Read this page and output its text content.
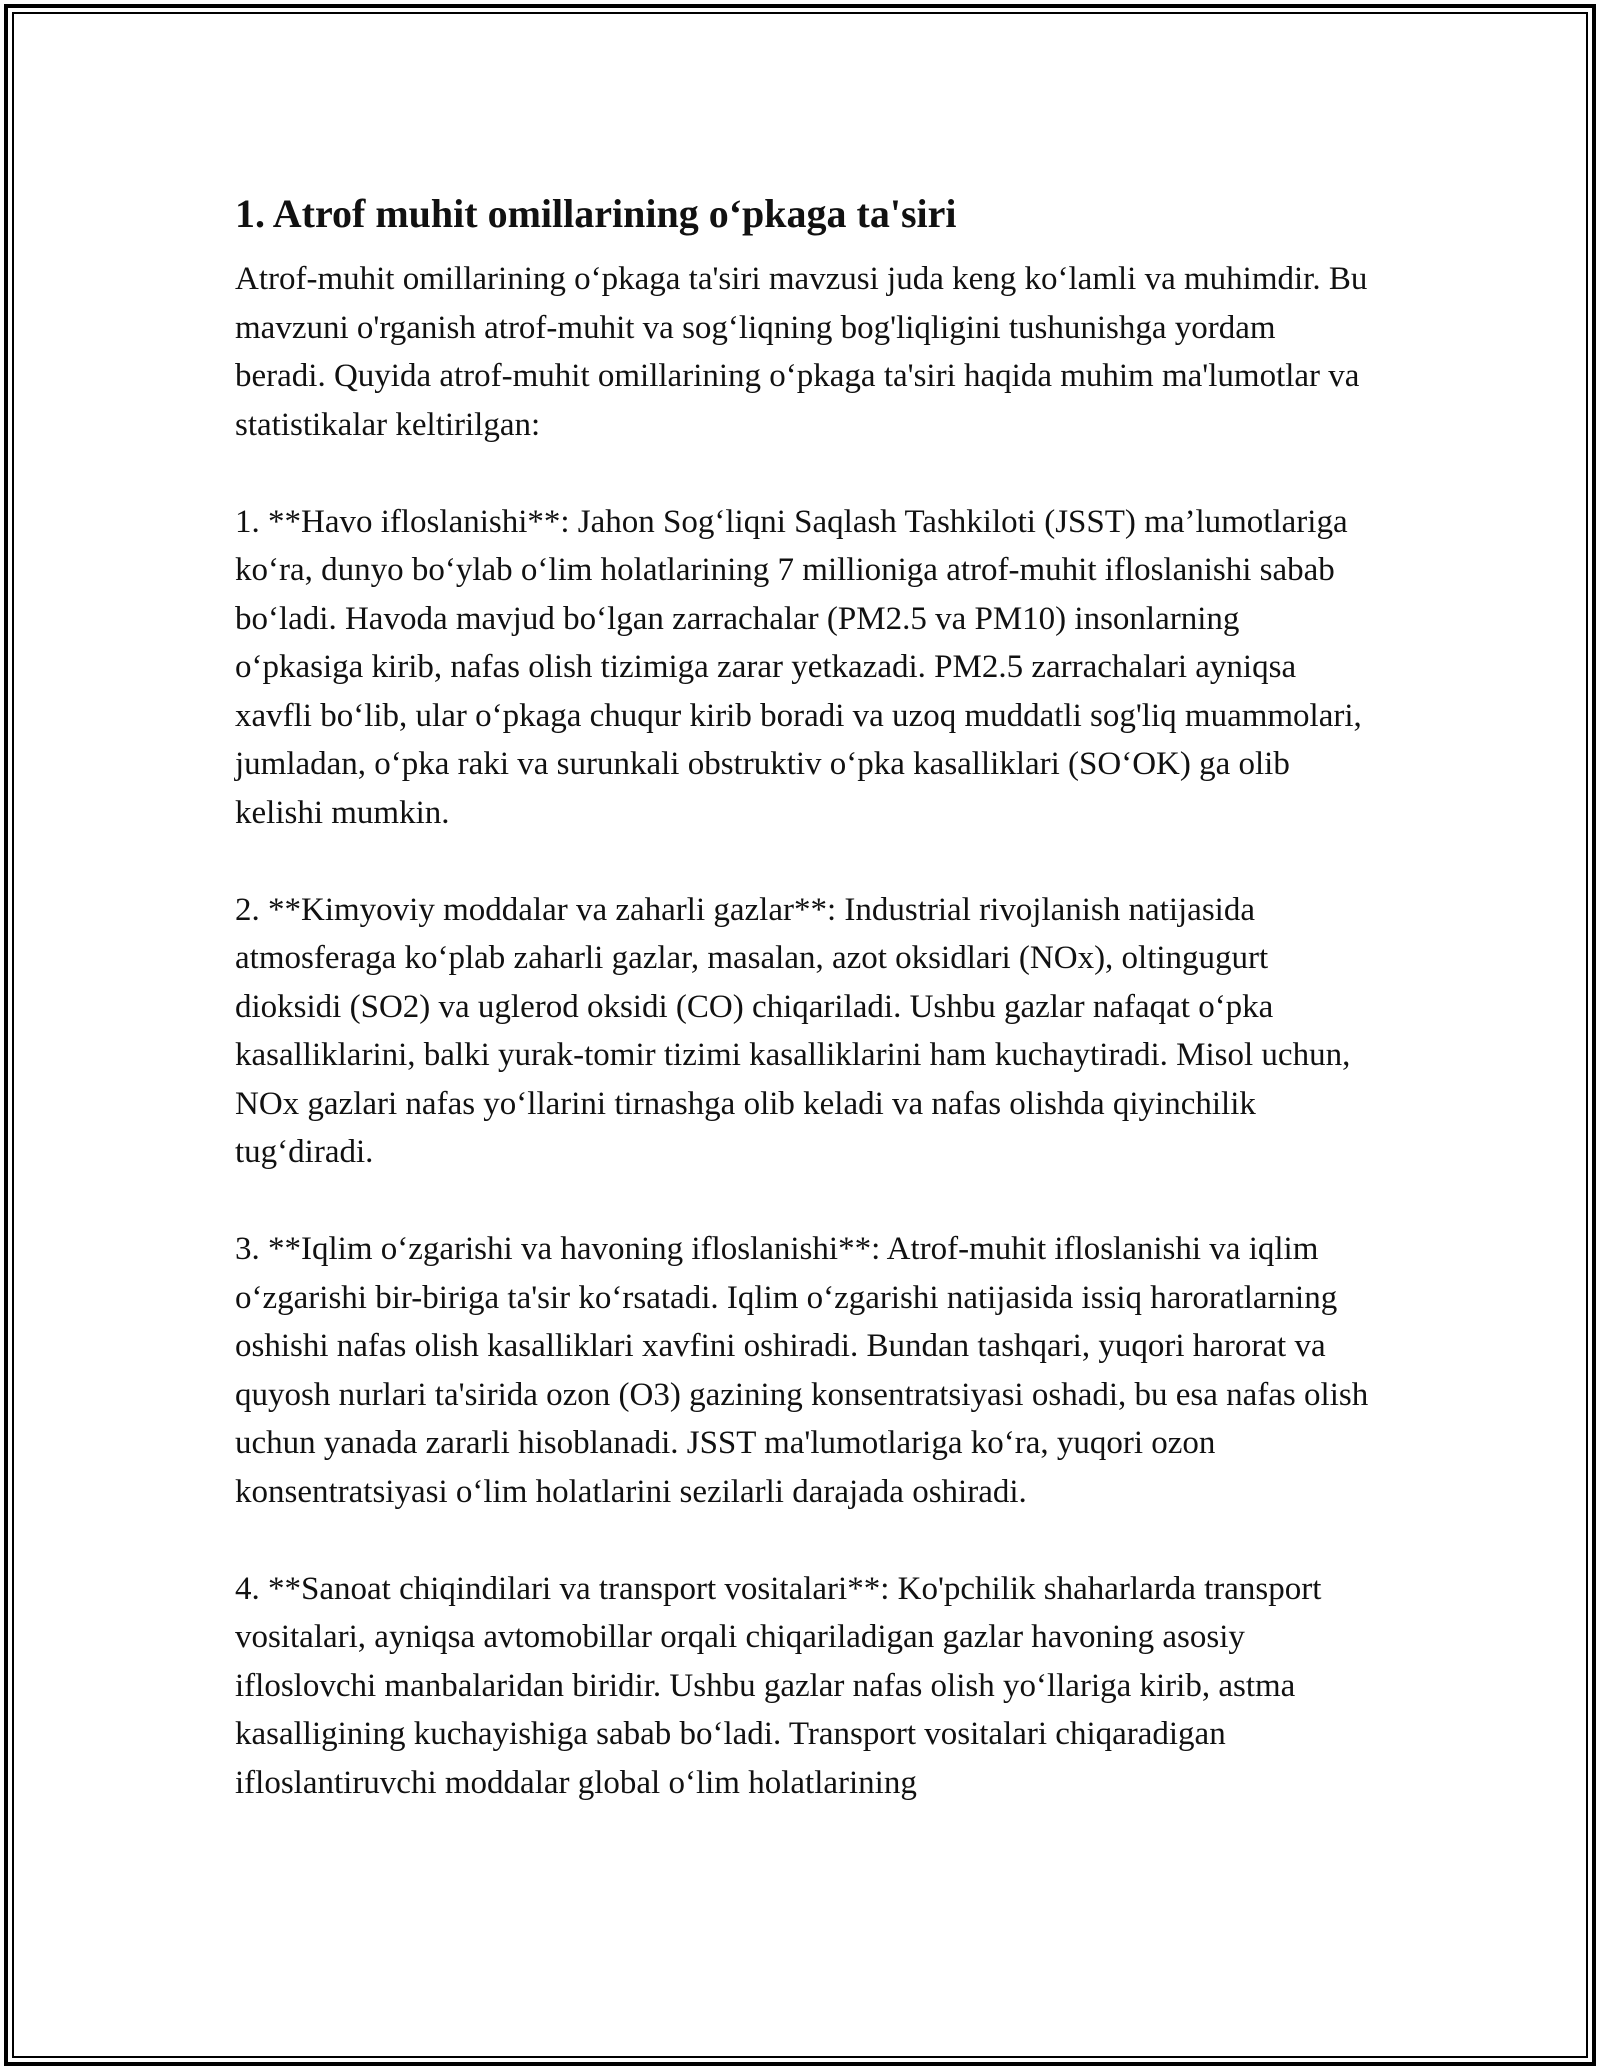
1. Atrof muhit omillarining o‘pkaga ta'siri

Atrof-muhit omillarining o‘pkaga ta'siri mavzusi juda keng ko‘lamli va muhimdir. Bu mavzuni o'rganish atrof-muhit va sog‘liqning bog'liqligini tushunishga yordam beradi. Quyida atrof-muhit omillarining o‘pkaga ta'siri haqida muhim ma'lumotlar va statistikalar keltirilgan:

1. **Havo ifloslanishi**: Jahon Sog‘liqni Saqlash Tashkiloti (JSST) ma’lumotlariga ko‘ra, dunyo bo‘ylab o‘lim holatlarining 7 millioniga atrof-muhit ifloslanishi sabab bo‘ladi. Havoda mavjud bo‘lgan zarrachalar (PM2.5 va PM10) insonlarning o‘pkasiga kirib, nafas olish tizimiga zarar yetkazadi. PM2.5 zarrachalari ayniqsa xavfli bo‘lib, ular o‘pkaga chuqur kirib boradi va uzoq muddatli sog'liq muammolari, jumladan, o‘pka raki va surunkali obstruktiv o‘pka kasalliklari (SO‘OK) ga olib kelishi mumkin.

2. **Kimyoviy moddalar va zaharli gazlar**: Industrial rivojlanish natijasida atmosferaga ko‘plab zaharli gazlar, masalan, azot oksidlari (NOx), oltingugurt dioksidi (SO2) va uglerod oksidi (CO) chiqariladi. Ushbu gazlar nafaqat o‘pka kasalliklarini, balki yurak-tomir tizimi kasalliklarini ham kuchaytiradi. Misol uchun, NOx gazlari nafas yo‘llarini tirnashga olib keladi va nafas olishda qiyinchilik tug‘diradi.

3. **Iqlim o‘zgarishi va havoning ifloslanishi**: Atrof-muhit ifloslanishi va iqlim o‘zgarishi bir-biriga ta'sir ko‘rsatadi. Iqlim o‘zgarishi natijasida issiq haroratlarning oshishi nafas olish kasalliklari xavfini oshiradi. Bundan tashqari, yuqori harorat va quyosh nurlari ta'sirida ozon (O3) gazining konsentratsiyasi oshadi, bu esa nafas olish uchun yanada zararli hisoblanadi. JSST ma'lumotlariga ko‘ra, yuqori ozon konsentratsiyasi o‘lim holatlarini sezilarli darajada oshiradi.

4. **Sanoat chiqindilari va transport vositalari**: Ko'pchilik shaharlarda transport vositalari, ayniqsa avtomobillar orqali chiqariladigan gazlar havoning asosiy ifloslovchi manbalaridan biridir. Ushbu gazlar nafas olish yo‘llariga kirib, astma kasalligining kuchayishiga sabab bo‘ladi. Transport vositalari chiqaradigan ifloslantiruvchi moddalar global o‘lim holatlarining
